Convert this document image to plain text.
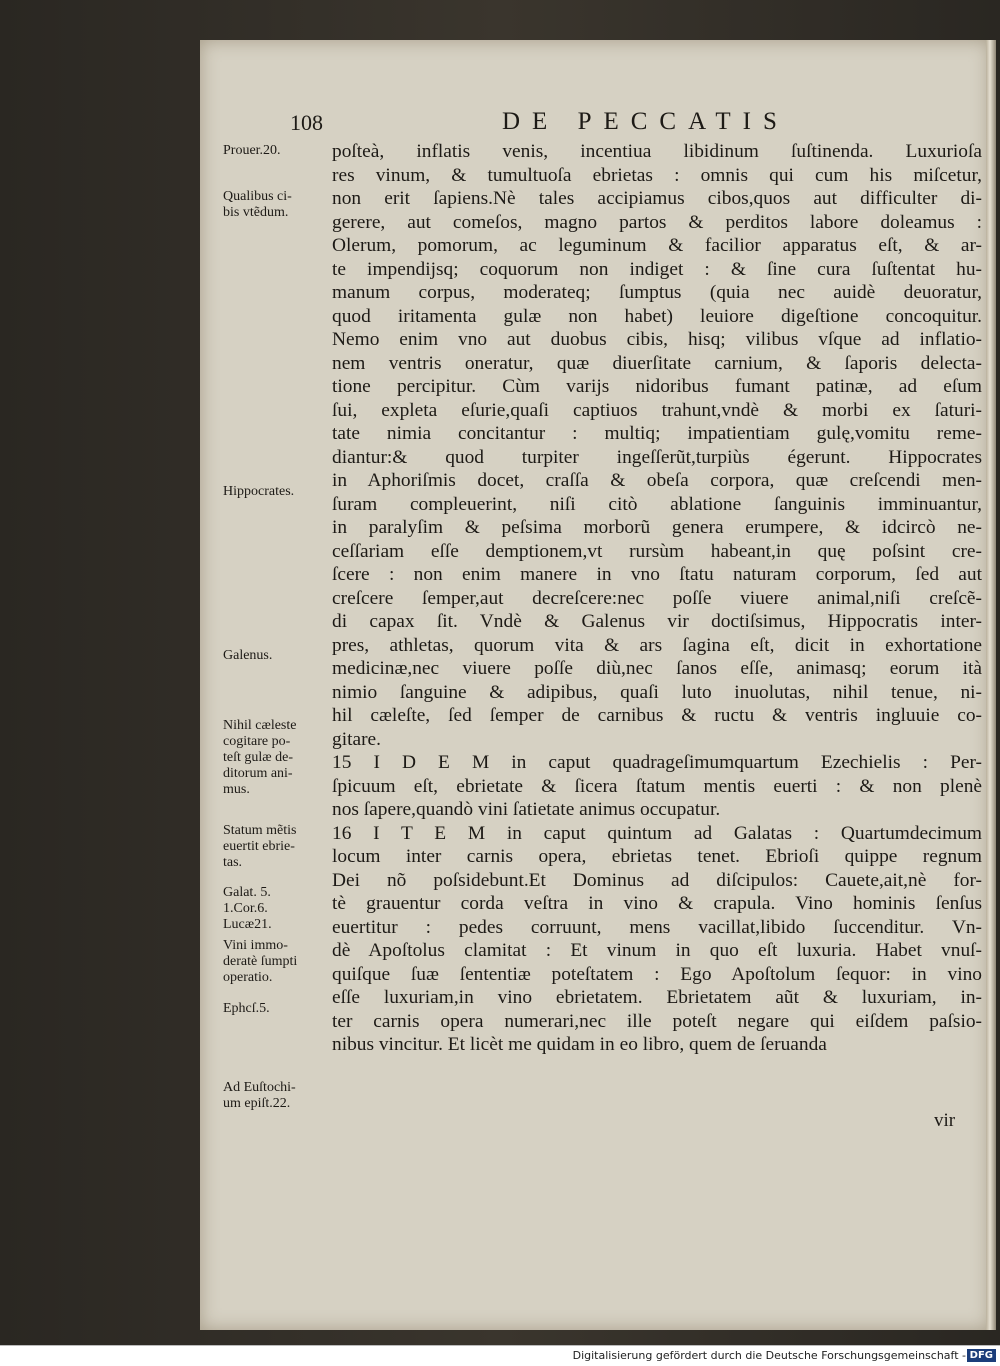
108	DE PECCATIS
Prouer.20.
Qualibus ci-
bis vtẽdum.
Hippocrates.
Galenus.
Nihil cæleste
cogitare po-
teſt gulæ de-
ditorum ani-
mus.
Statum mẽtis
euertit ebrie-
tas.
Galat. 5.
1.Cor.6.
Lucæ21.
Vini immo-
deratè ſumpti
operatio.
Ephcſ.5.
Ad Euſtochi-
um epiſt.22.
poſteà, inflatis venis, incentiua libidinum ſuſtinenda. Luxurioſa
res vinum, & tumultuoſa ebrietas : omnis qui cum his miſcetur,
non erit ſapiens.Nè tales accipiamus cibos,quos aut difficulter di-
gerere, aut comeſos, magno partos & perditos labore doleamus :
Olerum, pomorum, ac leguminum & facilior apparatus eſt, & ar-
te impendijsq; coquorum non indiget : & ſine cura ſuſtentat hu-
manum corpus, moderateq; ſumptus (quia nec auidè deuoratur,
quod iritamenta gulæ non habet) leuiore digeſtione concoquitur.
Nemo enim vno aut duobus cibis, hisq; vilibus vſque ad inflatio-
nem ventris oneratur, quæ diuerſitate carnium, & ſaporis delecta-
tione percipitur. Cùm varijs nidoribus fumant patinæ, ad eſum
ſui, expleta eſurie,quaſi captiuos trahunt,vndè & morbi ex ſaturi-
tate nimia concitantur : multiq; impatientiam gulę,vomitu reme-
diantur:& quod turpiter ingeſſerũt,turpiùs égerunt. Hippocrates
in Aphoriſmis docet, craſſa & obeſa corpora, quæ creſcendi men-
ſuram compleuerint, niſi citò ablatione ſanguinis imminuantur,
in paralyſim & peſsima morborũ genera erumpere, & idcircò ne-
ceſſariam eſſe demptionem,vt rursùm habeant,in quę poſsint cre-
ſcere : non enim manere in vno ſtatu naturam corporum, ſed aut
creſcere ſemper,aut decreſcere:nec poſſe viuere animal,niſi creſcẽ-
di capax ſit. Vndè & Galenus vir doctiſsimus, Hippocratis inter-
pres, athletas, quorum vita & ars ſagina eſt, dicit in exhortatione
medicinæ,nec viuere poſſe diù,nec ſanos eſſe, animasq; eorum ità
nimio ſanguine & adipibus, quaſi luto inuolutas, nihil tenue, ni-
hil cæleſte, ſed ſemper de carnibus & ructu & ventris ingluuie co-
gitare.
15 I D E M in caput quadrageſimumquartum Ezechielis : Per-
ſpicuum eſt, ebrietate & ſicera ſtatum mentis euerti : & non plenè
nos ſapere,quandò vini ſatietate animus occupatur.
16 I T E M in caput quintum ad Galatas : Quartumdecimum
locum inter carnis opera, ebrietas tenet. Ebrioſi quippe regnum
Dei nõ poſsidebunt.Et Dominus ad diſcipulos: Cauete,ait,nè for-
tè grauentur corda veſtra in vino & crapula. Vino hominis ſenſus
euertitur : pedes corruunt, mens vacillat,libido ſuccenditur. Vn-
dè Apoſtolus clamitat : Et vinum in quo eſt luxuria. Habet vnuſ-
quiſque ſuæ ſententiæ poteſtatem : Ego Apoſtolum ſequor: in vino
eſſe luxuriam,in vino ebrietatem. Ebrietatem aũt & luxuriam, in-
ter carnis opera numerari,nec ille poteſt negare qui eiſdem paſsio-
nibus vincitur. Et licèt me quidam in eo libro, quem de ſeruanda
vir
Digitalisierung gefördert durch die Deutsche Forschungsgemeinschaft - DFG
